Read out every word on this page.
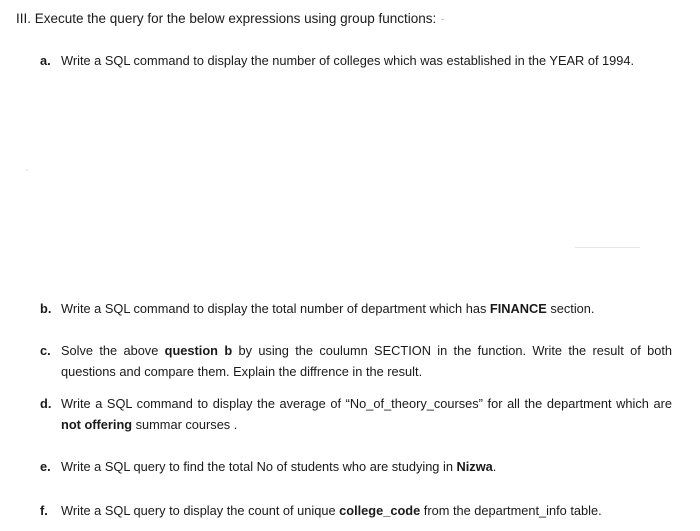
III. Execute the query for the below expressions using group functions: -
a. Write a SQL command to display the number of colleges which was established in the YEAR of 1994.
b. Write a SQL command to display the total number of department which has FINANCE section.
c. Solve the above question b by using the coulumn SECTION in the function. Write the result of both questions and compare them. Explain the diffrence in the result.
d. Write a SQL command to display the average of “No_of_theory_courses” for all the department which are not offering summar courses .
e. Write a SQL query to find the total No of students who are studying in Nizwa.
f. Write a SQL query to display the count of unique college_code from the department_info table.
